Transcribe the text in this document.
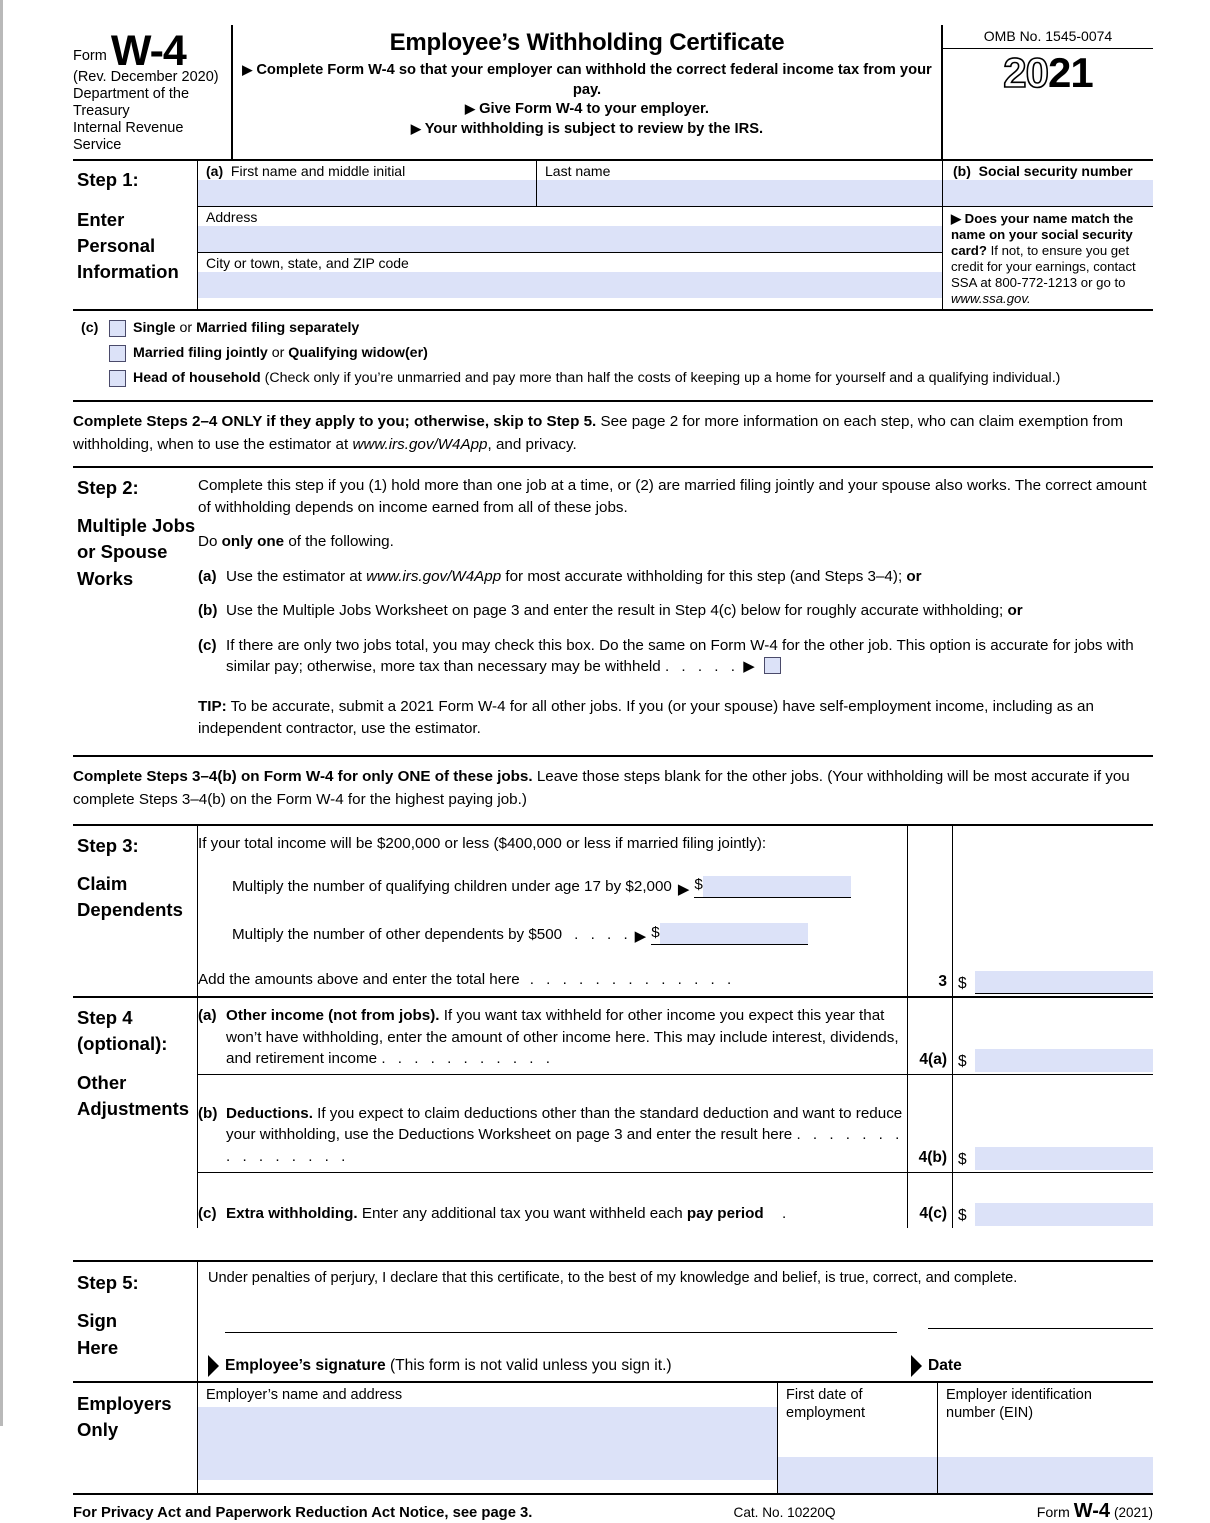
Form W-4
(Rev. December 2020)
Department of the Treasury
Internal Revenue Service
Employee’s Withholding Certificate
▶ Complete Form W-4 so that your employer can withhold the correct federal income tax from your pay.
▶ Give Form W-4 to your employer.
▶ Your withholding is subject to review by the IRS.
OMB No. 1545-0074
2021
Step 1:
Enter
Personal
Information
(a) First name and middle initial	Last name
Address
City or town, state, and ZIP code
(b) Social security number
▶ Does your name match the name on your social security card? If not, to ensure you get credit for your earnings, contact SSA at 800-772-1213 or go to www.ssa.gov.
(c)	Single or Married filing separately
Married filing jointly or Qualifying widow(er)
Head of household (Check only if you’re unmarried and pay more than half the costs of keeping up a home for yourself and a qualifying individual.)
Complete Steps 2–4 ONLY if they apply to you; otherwise, skip to Step 5. See page 2 for more information on each step, who can claim exemption from withholding, when to use the estimator at www.irs.gov/W4App, and privacy.
Step 2:
Multiple Jobs
or Spouse
Works

Complete this step if you (1) hold more than one job at a time, or (2) are married filing jointly and your spouse also works. The correct amount of withholding depends on income earned from all of these jobs.

Do only one of the following.

(a) Use the estimator at www.irs.gov/W4App for most accurate withholding for this step (and Steps 3–4); or

(b) Use the Multiple Jobs Worksheet on page 3 and enter the result in Step 4(c) below for roughly accurate withholding; or

(c) If there are only two jobs total, you may check this box. Do the same on Form W-4 for the other job. This option is accurate for jobs with similar pay; otherwise, more tax than necessary may be withheld . . . . . ▶

TIP: To be accurate, submit a 2021 Form W-4 for all other jobs. If you (or your spouse) have self-employment income, including as an independent contractor, use the estimator.

Complete Steps 3–4(b) on Form W-4 for only ONE of these jobs. Leave those steps blank for the other jobs. (Your withholding will be most accurate if you complete Steps 3–4(b) on the Form W-4 for the highest paying job.)
Step 3:
Claim
Dependents
If your total income will be $200,000 or less ($400,000 or less if married filing jointly):
Multiply the number of qualifying children under age 17 by $2,000 ▶ $
Multiply the number of other dependents by $500 . . . . ▶ $
Add the amounts above and enter the total here . . . . . . . . . . . . .	3 $
Step 4
(optional):
Other
Adjustments
(a) Other income (not from jobs). If you want tax withheld for other income you expect this year that won’t have withholding, enter the amount of other income here. This may include interest, dividends, and retirement income . . . . . . . . . . .	4(a) $
(b) Deductions. If you expect to claim deductions other than the standard deduction and want to reduce your withholding, use the Deductions Worksheet on page 3 and enter the result here . . . . . . . . . . . . . . .	4(b) $
(c) Extra withholding. Enter any additional tax you want withheld each pay period .	4(c) $
Step 5:
Sign
Here
Under penalties of perjury, I declare that this certificate, to the best of my knowledge and belief, is true, correct, and complete.
Employee’s signature (This form is not valid unless you sign it.)	Date
Employers
Only
Employer’s name and address	First date of
employment
Employer identification
number (EIN)
For Privacy Act and Paperwork Reduction Act Notice, see page 3.	Cat. No. 10220Q	Form W-4 (2021)
